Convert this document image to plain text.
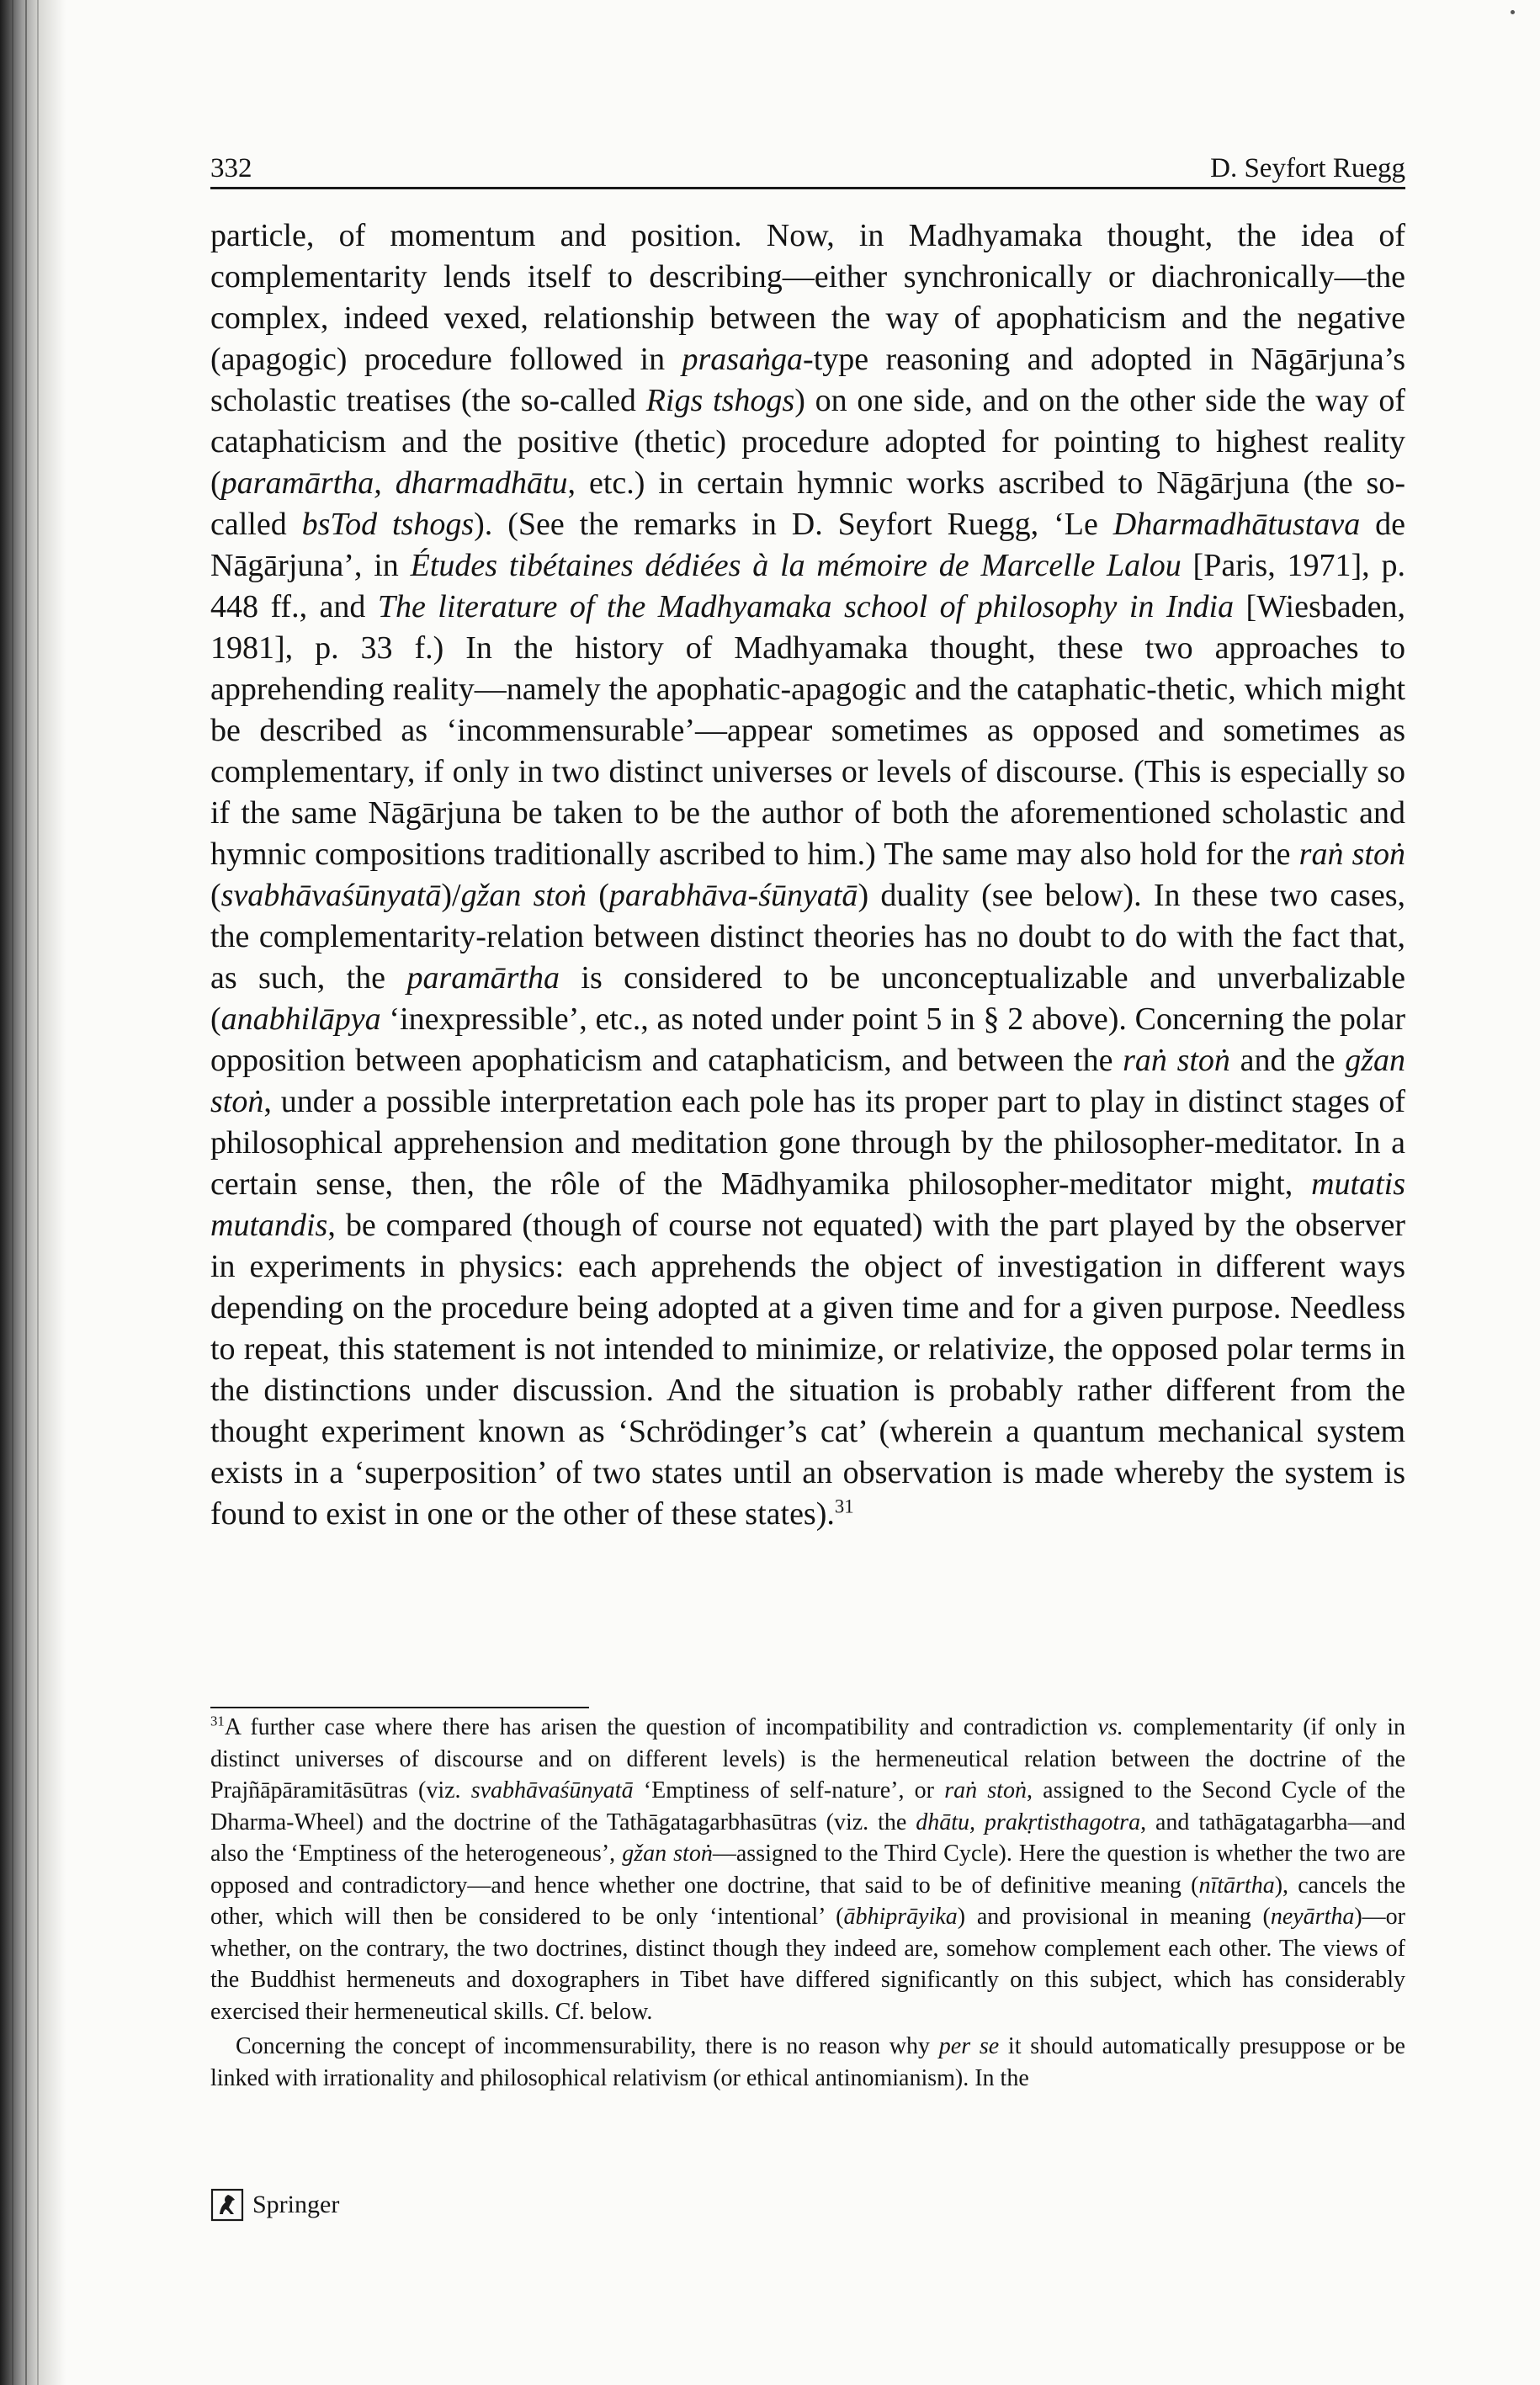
332	D. Seyfort Ruegg

particle, of momentum and position. Now, in Madhyamaka thought, the idea of complementarity lends itself to describing—either synchronically or diachronically—the complex, indeed vexed, relationship between the way of apophaticism and the negative (apagogic) procedure followed in prasaṅga-type reasoning and adopted in Nāgārjuna’s scholastic treatises (the so-called Rigs tshogs) on one side, and on the other side the way of cataphaticism and the positive (thetic) procedure adopted for pointing to highest reality (paramārtha, dharmadhātu, etc.) in certain hymnic works ascribed to Nāgārjuna (the so-called bsTod tshogs). (See the remarks in D. Seyfort Ruegg, ‘Le Dharmadhātustava de Nāgārjuna’, in Études tibétaines dédiées à la mémoire de Marcelle Lalou [Paris, 1971], p. 448 ff., and The literature of the Madhyamaka school of philosophy in India [Wiesbaden, 1981], p. 33 f.) In the history of Madhyamaka thought, these two approaches to apprehending reality—namely the apophatic-apagogic and the cataphatic-thetic, which might be described as ‘incommensurable’—appear sometimes as opposed and sometimes as complementary, if only in two distinct universes or levels of discourse. (This is especially so if the same Nāgārjuna be taken to be the author of both the aforementioned scholastic and hymnic compositions traditionally ascribed to him.) The same may also hold for the raṅ stoṅ (svabhāvaśūnyatā)/gžan stoṅ (parabhāva-śūnyatā) duality (see below). In these two cases, the complementarity-relation between distinct theories has no doubt to do with the fact that, as such, the paramārtha is considered to be unconceptualizable and unverbalizable (anabhilāpya ‘inexpressible’, etc., as noted under point 5 in § 2 above). Concerning the polar opposition between apophaticism and cataphaticism, and between the raṅ stoṅ and the gžan stoṅ, under a possible interpretation each pole has its proper part to play in distinct stages of philosophical apprehension and meditation gone through by the philosopher-meditator. In a certain sense, then, the rôle of the Mādhyamika philosopher-meditator might, mutatis mutandis, be compared (though of course not equated) with the part played by the observer in experiments in physics: each apprehends the object of investigation in different ways depending on the procedure being adopted at a given time and for a given purpose. Needless to repeat, this statement is not intended to minimize, or relativize, the opposed polar terms in the distinctions under discussion. And the situation is probably rather different from the thought experiment known as ‘Schrödinger’s cat’ (wherein a quantum mechanical system exists in a ‘superposition’ of two states until an observation is made whereby the system is found to exist in one or the other of these states).$^{31}$

$^{31}$A further case where there has arisen the question of incompatibility and contradiction vs. complementarity (if only in distinct universes of discourse and on different levels) is the hermeneutical relation between the doctrine of the Prajñāpāramitāsūtras (viz. svabhāvaśūnyatā ‘Emptiness of self-nature’, or raṅ stoṅ, assigned to the Second Cycle of the Dharma-Wheel) and the doctrine of the Tathāgatagarbhasūtras (viz. the dhātu, prakṛtisthagotra, and tathāgatagarbha—and also the ‘Emptiness of the heterogeneous’, gžan stoṅ—assigned to the Third Cycle). Here the question is whether the two are opposed and contradictory—and hence whether one doctrine, that said to be of definitive meaning (nītārtha), cancels the other, which will then be considered to be only ‘intentional’ (ābhiprāyika) and provisional in meaning (neyārtha)—or whether, on the contrary, the two doctrines, distinct though they indeed are, somehow complement each other. The views of the Buddhist hermeneuts and doxographers in Tibet have differed significantly on this subject, which has considerably exercised their hermeneutical skills. Cf. below.

Concerning the concept of incommensurability, there is no reason why per se it should automatically presuppose or be linked with irrationality and philosophical relativism (or ethical antinomianism). In the

Springer
